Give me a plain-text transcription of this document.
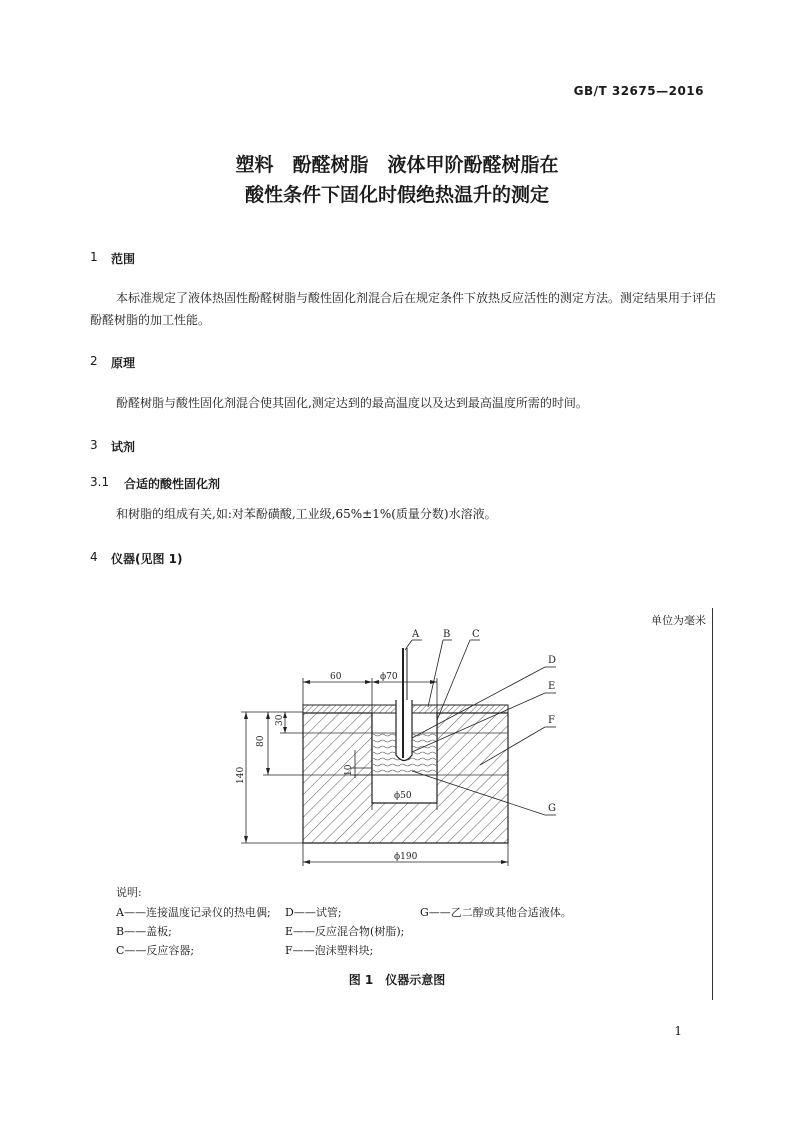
GB/T 32675—2016
塑料　酚醛树脂　液体甲阶酚醛树脂在
酸性条件下固化时假绝热温升的测定
1 范围
本标准规定了液体热固性酚醛树脂与酸性固化剂混合后在规定条件下放热反应活性的测定方法。测定结果用于评估酚醛树脂的加工性能。
2 原理
酚醛树脂与酸性固化剂混合使其固化,测定达到的最高温度以及达到最高温度所需的时间。
3 试剂
3.1 合适的酸性固化剂
和树脂的组成有关,如:对苯酚磺酸,工业级,65%±1%(质量分数)水溶液。
4 仪器(见图 1)
单位为毫米
60	ϕ70
30
80
140	10
ϕ50
ϕ190
A B C
D
E
F
G
说明:
A——连接温度记录仪的热电偶;
B——盖板;
C——反应容器;
D——试管;
E——反应混合物(树脂);
F——泡沫塑料块;
G——乙二醇或其他合适液体。
图 1　仪器示意图
1
